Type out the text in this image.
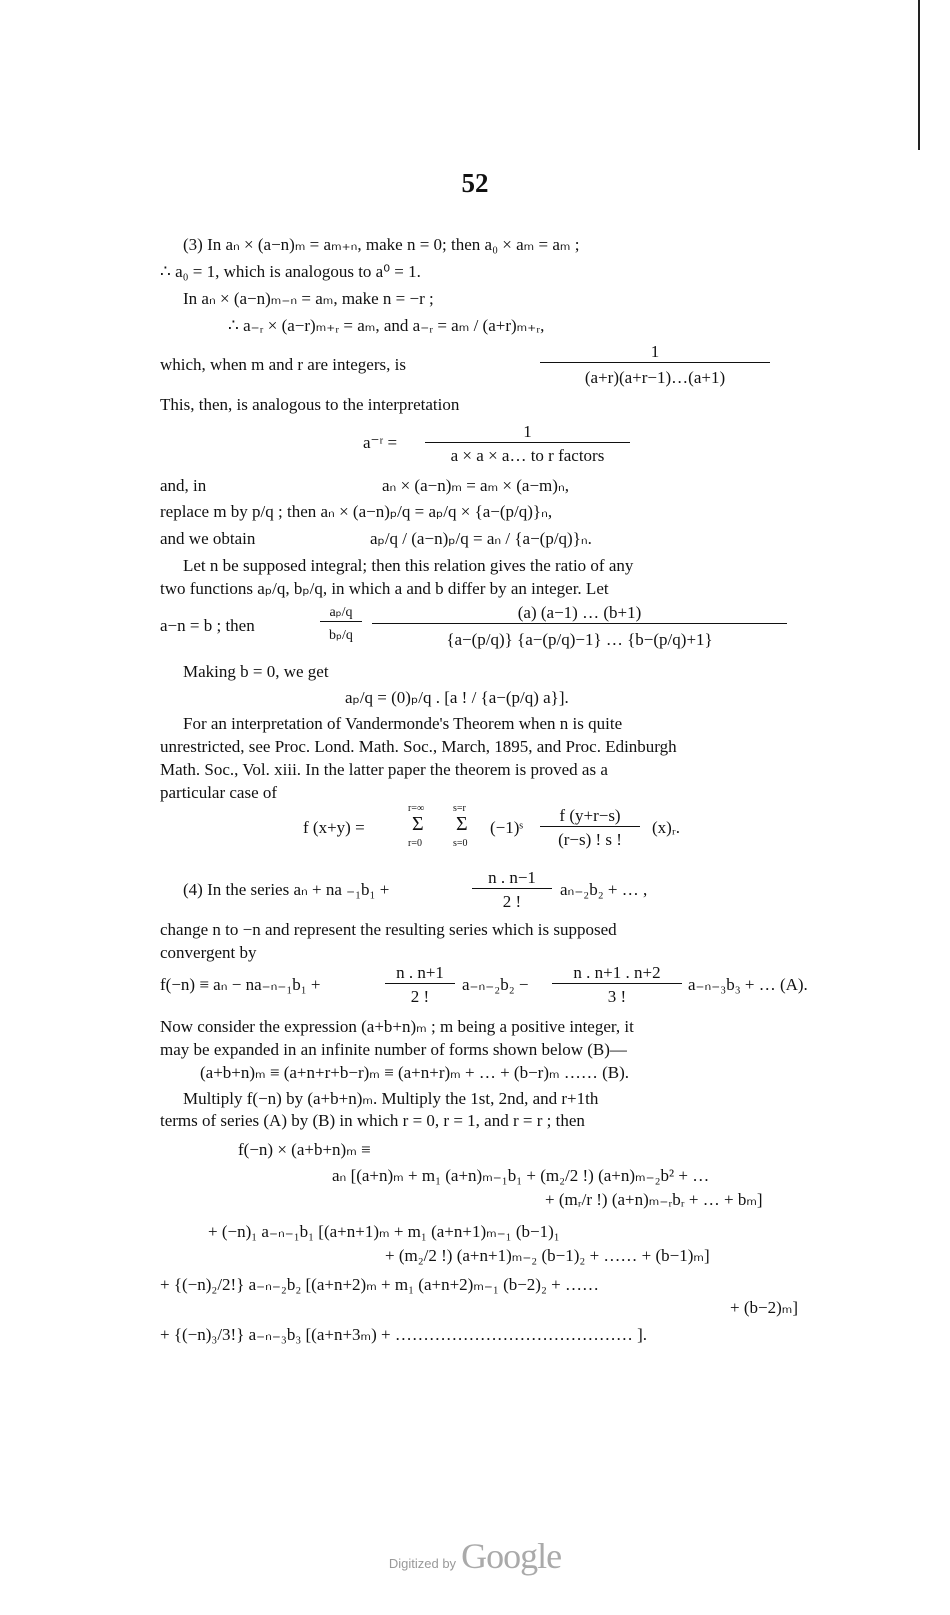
52
(3) In aₙ × (a−n)ₘ = aₘ₊ₙ, make n = 0; then a₀ × aₘ = aₘ ;
∴ a₀ = 1, which is analogous to a⁰ = 1.
In aₙ × (a−n)ₘ₋ₙ = aₘ, make n = −r ;
∴ a₋ᵣ × (a−r)ₘ₊ᵣ = aₘ, and a₋ᵣ = aₘ / (a+r)ₘ₊ᵣ,
which, when m and r are integers, is
1
(a+r)(a+r−1)…(a+1)
This, then, is analogous to the interpretation
a⁻ʳ =
1
a × a × a… to r factors
and, in	aₙ × (a−n)ₘ = aₘ × (a−m)ₙ,
replace m by p/q ; then aₙ × (a−n)ₚ/q = aₚ/q × {a−(p/q)}ₙ,
and we obtain	aₚ/q / (a−n)ₚ/q = aₙ / {a−(p/q)}ₙ.
Let n be supposed integral; then this relation gives the ratio of any
two functions aₚ/q, bₚ/q, in which a and b differ by an integer. Let
a−n = b ; then
aₚ/q
bₚ/q
(a) (a−1) … (b+1)
{a−(p/q)} {a−(p/q)−1} … {b−(p/q)+1}
Making b = 0, we get
aₚ/q = (0)ₚ/q . [a ! / {a−(p/q) a}].
For an interpretation of Vandermonde's Theorem when n is quite
unrestricted, see Proc. Lond. Math. Soc., March, 1895, and Proc. Edinburgh
Math. Soc., Vol. xiii. In the latter paper the theorem is proved as a
particular case of
f (x+y) =
r=∞
Σ
r=0
s=r
Σ
s=0
(−1)ˢ
f (y+r−s)
(r−s) ! s !
(x)ᵣ.
(4) In the series aₙ + na ₋₁b₁ +
n . n−1
2 !
aₙ₋₂b₂ + … ,
change n to −n and represent the resulting series which is supposed
convergent by
f(−n) ≡ aₙ − na₋ₙ₋₁b₁ +
n . n+1
2 !
a₋ₙ₋₂b₂ −
n . n+1 . n+2
3 !
a₋ₙ₋₃b₃ + … (A).
Now consider the expression (a+b+n)ₘ ; m being a positive integer, it
may be expanded in an infinite number of forms shown below (B)—
(a+b+n)ₘ ≡ (a+n+r+b−r)ₘ ≡ (a+n+r)ₘ + … + (b−r)ₘ …… (B).
Multiply f(−n) by (a+b+n)ₘ. Multiply the 1st, 2nd, and r+1th
terms of series (A) by (B) in which r = 0, r = 1, and r = r ; then
f(−n) × (a+b+n)ₘ ≡
aₙ [(a+n)ₘ + m₁ (a+n)ₘ₋₁b₁ + (m₂/2 !) (a+n)ₘ₋₂b² + …
+ (mᵣ/r !) (a+n)ₘ₋ᵣbᵣ + … + bₘ]
+ (−n)₁ a₋ₙ₋₁b₁ [(a+n+1)ₘ + m₁ (a+n+1)ₘ₋₁ (b−1)₁
+ (m₂/2 !) (a+n+1)ₘ₋₂ (b−1)₂ + …… + (b−1)ₘ]
+ {(−n)₂/2!} a₋ₙ₋₂b₂ [(a+n+2)ₘ + m₁ (a+n+2)ₘ₋₁ (b−2)₂ + ……
+ (b−2)ₘ]
+ {(−n)₃/3!} a₋ₙ₋₃b₃ [(a+n+3ₘ) + …………………………………… ].
Digitized by Google
